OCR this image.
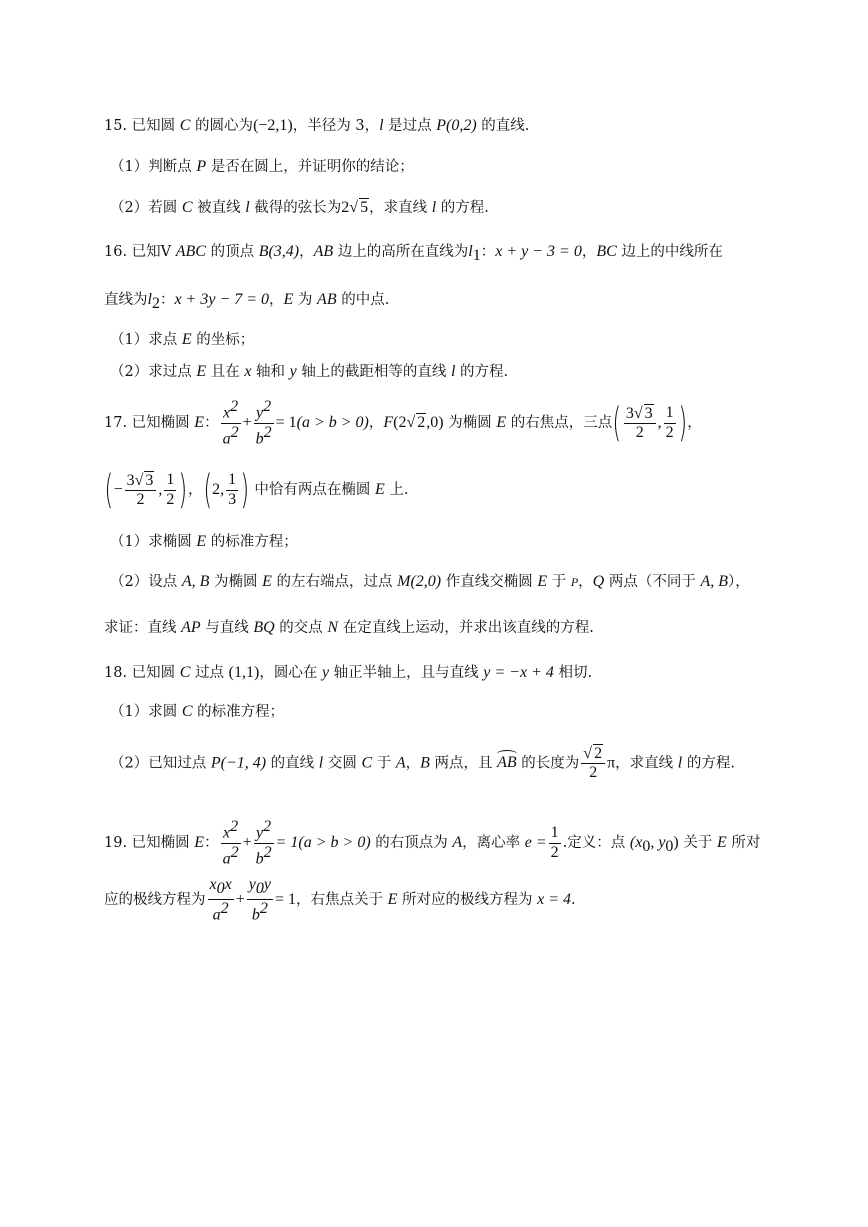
15. 已知圆 C 的圆心为(−2,1)，半径为 3，l 是过点 P(0,2) 的直线.
（1）判断点 P 是否在圆上，并证明你的结论；
（2）若圆 C 被直线 l 截得的弦长为2√ 5，求直线 l 的方程.
16. 已知V ABC 的顶点 B(3,4)，AB 边上的高所在直线为$l_1$：x + y − 3 = 0，BC 边上的中线所在
直线为$l_2$：x + 3y − 7 = 0，E 为 AB 的中点.
（1）求点 E 的坐标；
（2）求过点 E 且在 x 轴和 y 轴上的截距相等的直线 l 的方程.
17. 已知椭圆 E： $\frac{x^2}{a^2} + \frac{y^2}{b^2} = 1(a > b > 0)$，F(2√ 2,0) 为椭圆 E 的右焦点，三点( $\frac{3√ 3}{2}$ , $\frac{1}{2}$ )，
(− $\frac{3√ 3}{2}$ , $\frac{1}{2}$ )，(2, $\frac{1}{3}$ ) 中恰有两点在椭圆 E 上.
（1）求椭圆 E 的标准方程；
（2）设点 A, B 为椭圆 E 的左右端点，过点 M(2,0) 作直线交椭圆 E 于 P，Q 两点（不同于 A, B），
求证：直线 AP 与直线 BQ 的交点 N 在定直线上运动，并求出该直线的方程.
18. 已知圆 C 过点 (1,1)，圆心在 y 轴正半轴上，且与直线 y = −x + 4 相切.
（1）求圆 C 的标准方程；
（2）已知过点 P(−1, 4) 的直线 l 交圆 C 于 A，B 两点，且 AB 的长度为 $\frac{√ 2}{2}$ π，求直线 l 的方程.
19. 已知椭圆 E： $\frac{x^2}{a^2} + \frac{y^2}{b^2} = 1(a > b > 0)$ 的右顶点为 A，离心率 $e = \frac{1}{2}$ .定义：点 ($x_0$, $y_0$) 关于 E 所对
应的极线方程为 $\frac{x_0x}{a^2} + \frac{y_0y}{b^2} = 1$，右焦点关于 E 所对应的极线方程为 x = 4.
